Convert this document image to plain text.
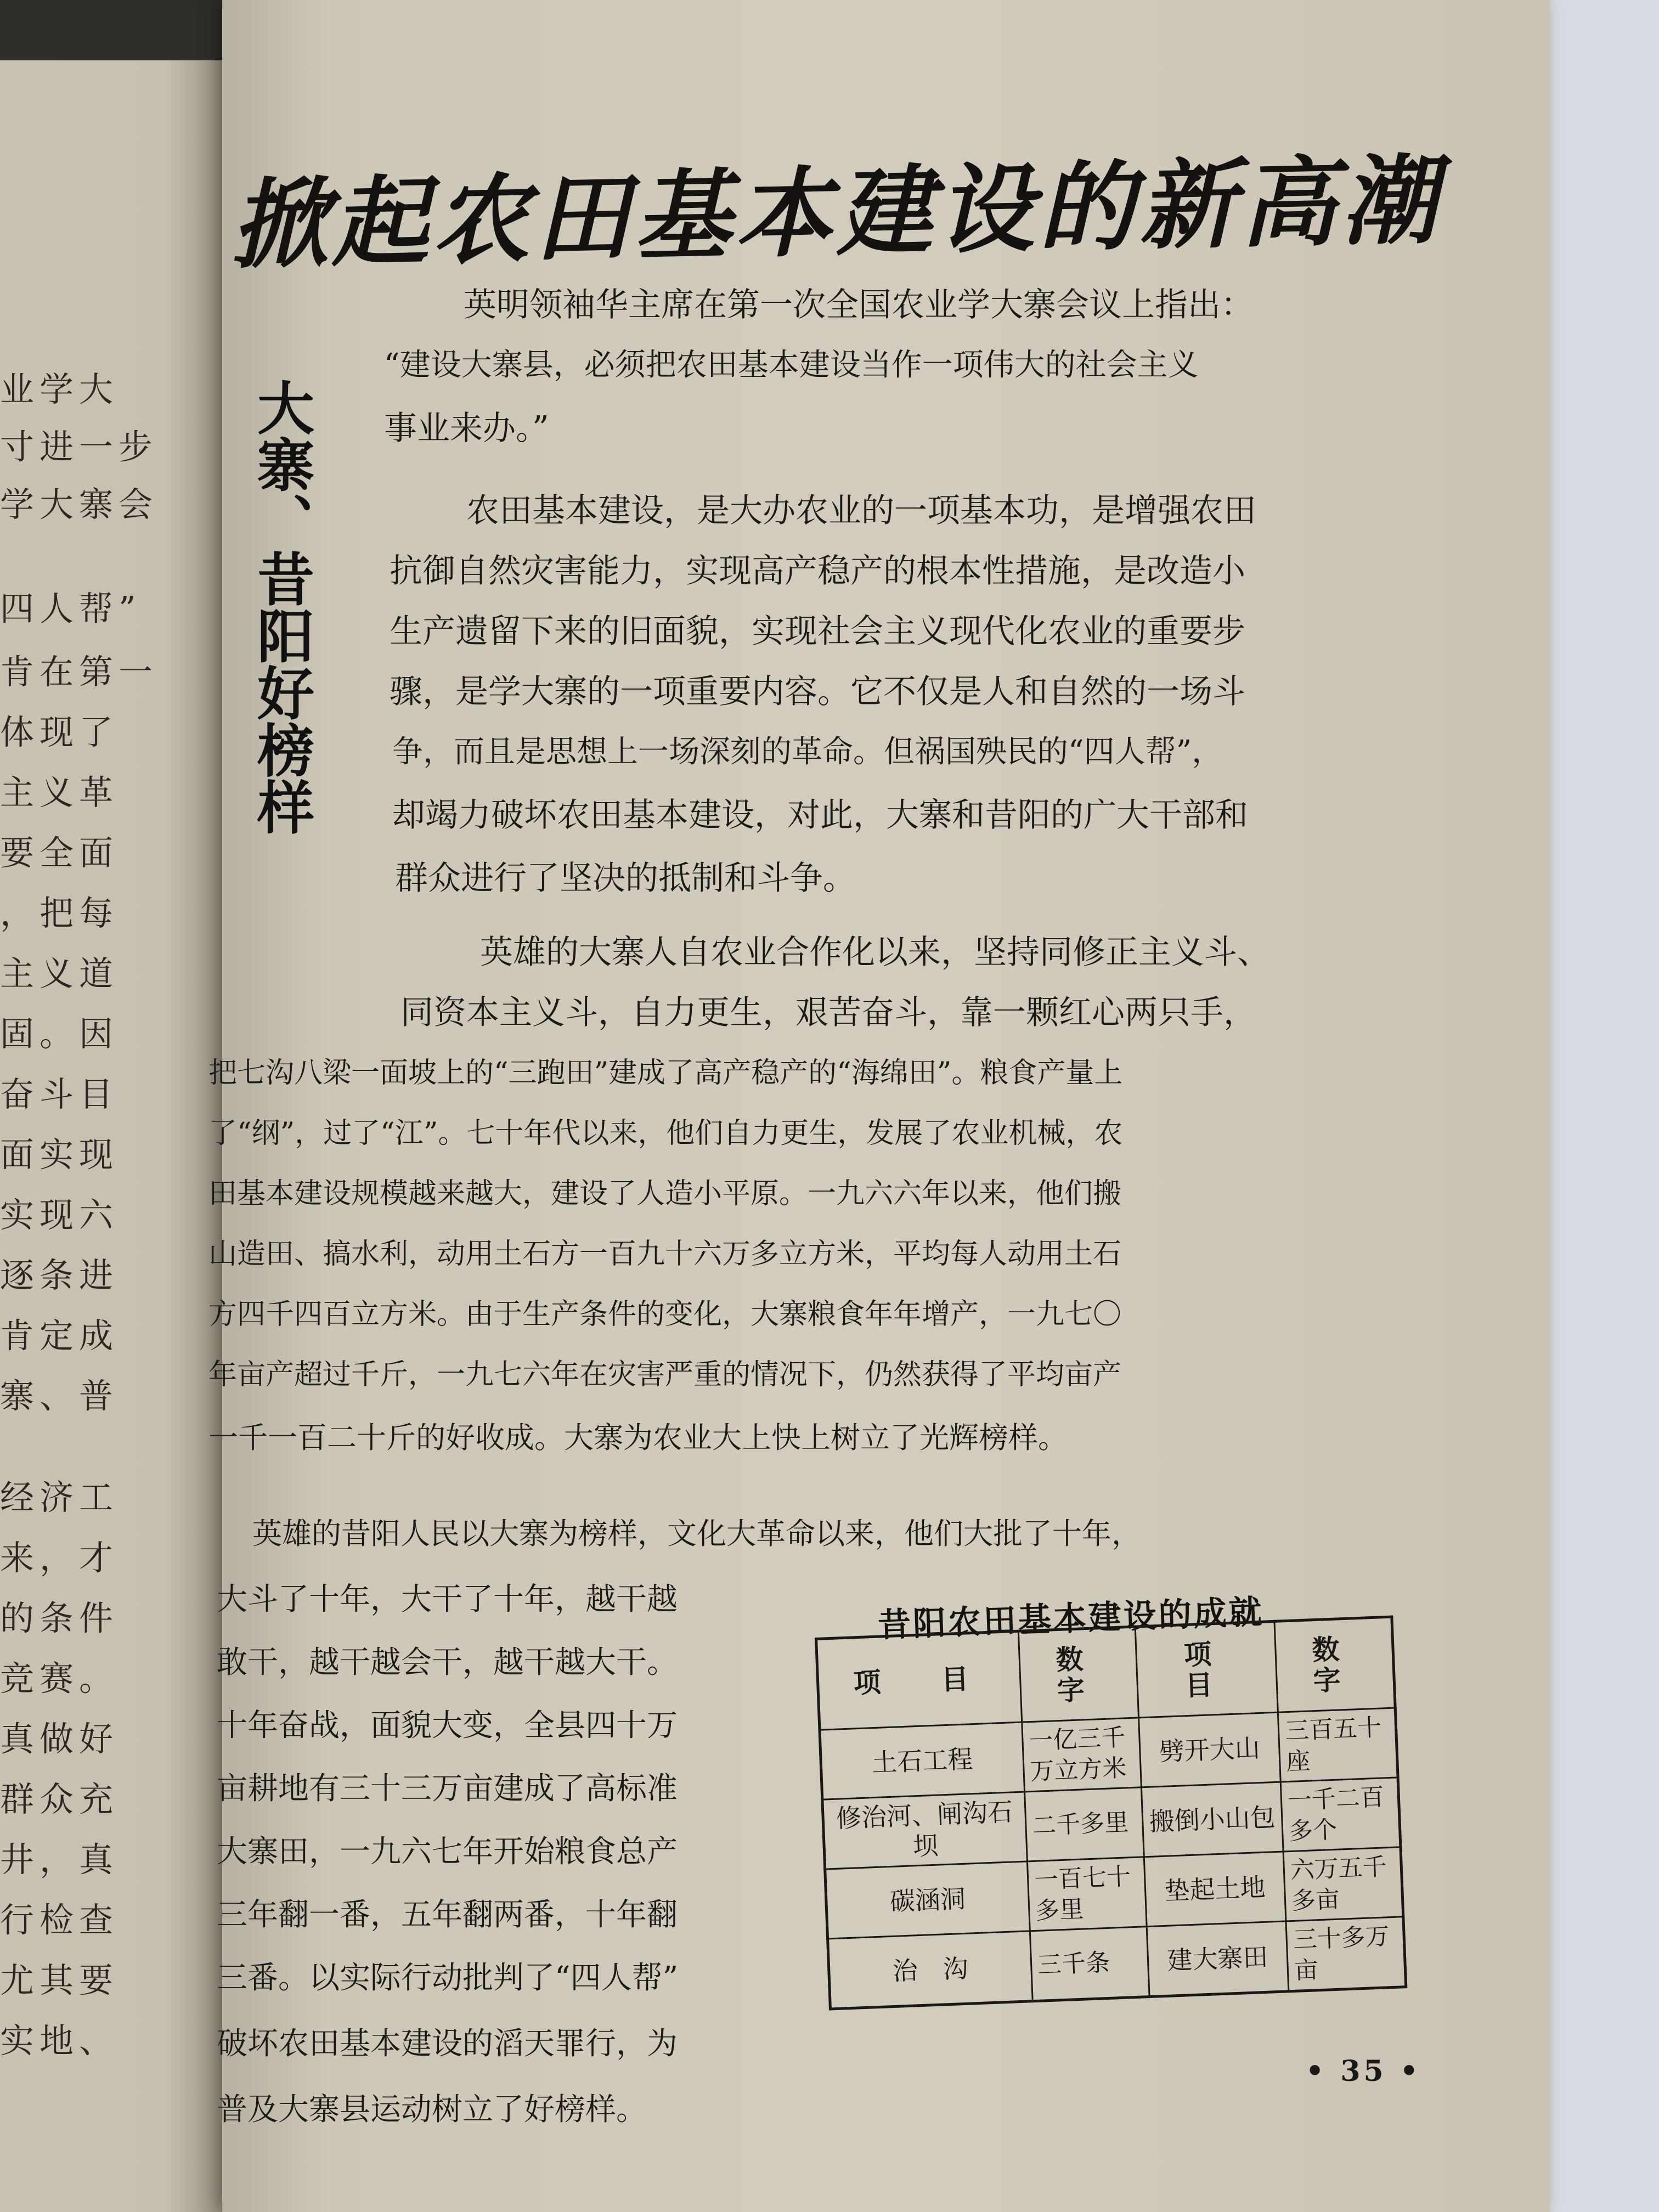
业学大
寸进一步
学大寨会
四人帮”
肯在第一
体现了
主义革
要全面
，把每
主义道
固。因
奋斗目
面实现
实现六
逐条进
肯定成
寨、普
经济工
来，才
的条件
竞赛。
真做好
群众充
井，真
行检查
尤其要
实地、
掀起农田基本建设的新高潮
大寨、昔阳好榜样
英明领袖华主席在第一次全国农业学大寨会议上指出：
“建设大寨县，必须把农田基本建设当作一项伟大的社会主义
事业来办。”
农田基本建设，是大办农业的一项基本功，是增强农田
抗御自然灾害能力，实现高产稳产的根本性措施，是改造小
生产遗留下来的旧面貌，实现社会主义现代化农业的重要步
骤，是学大寨的一项重要内容。它不仅是人和自然的一场斗
争，而且是思想上一场深刻的革命。但祸国殃民的“四人帮”，
却竭力破坏农田基本建设，对此，大寨和昔阳的广大干部和
群众进行了坚决的抵制和斗争。
英雄的大寨人自农业合作化以来，坚持同修正主义斗、
同资本主义斗，自力更生，艰苦奋斗，靠一颗红心两只手，
把七沟八梁一面坡上的“三跑田”建成了高产稳产的“海绵田”。粮食产量上
了“纲”，过了“江”。七十年代以来，他们自力更生，发展了农业机械，农
田基本建设规模越来越大，建设了人造小平原。一九六六年以来，他们搬
山造田、搞水利，动用土石方一百九十六万多立方米，平均每人动用土石
方四千四百立方米。由于生产条件的变化，大寨粮食年年增产，一九七〇
年亩产超过千斤，一九七六年在灾害严重的情况下，仍然获得了平均亩产
一千一百二十斤的好收成。大寨为农业大上快上树立了光辉榜样。
英雄的昔阳人民以大寨为榜样，文化大革命以来，他们大批了十年，
大斗了十年，大干了十年，越干越
敢干，越干越会干，越干越大干。
十年奋战，面貌大变，全县四十万
亩耕地有三十三万亩建成了高标准
大寨田，一九六七年开始粮食总产
三年翻一番，五年翻两番，十年翻
三番。以实际行动批判了“四人帮”
破坏农田基本建设的滔天罪行，为
普及大寨县运动树立了好榜样。
昔阳农田基本建设的成就
项　目	数　字	项　目	数　字
土石工程	一亿三千万立方米	劈开大山	三百五十座
修治河、闸沟石坝	二千多里	搬倒小山包	一千二百多个
碳涵洞	一百七十多里	垫起土地	六万五千多亩
治　沟	三千条	建大寨田	三十多万亩
• 35 •
